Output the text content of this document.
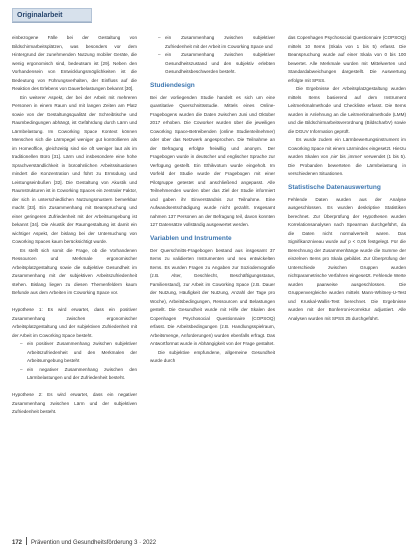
Originalarbeit

einbezogene Fälle bei der Gestaltung von Bildschirmarbeitsplätzen, was besonders vor dem Hintergrund der zunehmenden Nutzung mobiler Geräte, die wenig ergonomisch sind, bedeutsam ist [29]. Neben den Vorhandensein von Entwicklungsmöglichkeiten ist die Bedeutung von Führungsverhalten, der Einfluss auf die Reaktion des Erlebens von Dauerbelastungen bekannt [30].

Ein weiterer Aspekt, der bei der Arbeit mit mehreren Personen in einem Raum und mit langen Zeiten am Platz sowie von der Gestaltungsqualität der Schreibtische und Raumbedingungen abhängt, ist Gefährdung durch Lärm und Lärmbelastung. Im Coworking Space Kontext können Menschen sich die Lärmpegel weniger gut kontrollieren als im Homeoffice, gleichzeitig sind sie oft weniger laut als im traditionellen Büro [31]. Lärm und insbesondere eine hohe Sprachverständlichkeit in büroähnlichen Arbeitssituationen mindert die Konzentration und führt zu Ermüdung und Leistungseinbußen [32]. Die Gestaltung von Akustik und Raumstrukturen ist in Coworking Spaces ein zentraler Faktor, der sich in unterschiedlichen Nutzungsmustern bemerkbar macht [33]. Ein Zusammenhang mit Beanspruchung und einer geringeren Zufriedenheit mit der Arbeitsumgebung ist bekannt [34]. Die Akustik der Raumgestaltung ist damit ein wichtiger Aspekt, der bislang bei der Untersuchung von Coworking Spaces kaum berücksichtigt wurde.

Es stellt sich somit die Frage, ob die Vorhandenen Ressourcen und Merkmale ergonomischer Arbeitsplatzgestaltung sowie die subjektive Gesundheit im Zusammenhang mit der subjektiven Arbeitszufriedenheit stehen. Bislang liegen zu diesen Themenfeldern kaum Befunde aus dem Arbeiten im Coworking Space vor.

Hypothese 1: Es wird erwartet, dass ein positiver Zusammenhang zwischen ergonomischer Arbeitsplatzgestaltung und der subjektiven Zufriedenheit mit der Arbeit im Coworking Space besteht.

– ein positiver Zusammenhang zwischen subjektiver Arbeitszufriedenheit und den Merkmalen der Arbeitsumgebung besteht
– ein negativer Zusammenhang zwischen den Lärmbelastungen und der Zufriedenheit besteht.

Hypothese 2: Es wird erwartet, dass ein negativer Zusammenhang zwischen Lärm und der subjektiven Zufriedenheit besteht.

– ein Zusammenhang zwischen subjektiver Zufriedenheit mit der Arbeit im Coworking Space und
– ein Zusammenhang zwischen subjektiver Gesundheitszustand und den subjektiv erlebten Gesundheitsbeschwerden besteht.
Studiendesign

Bei der vorliegenden Studie handelt es sich um eine quantitative Querschnittsstudie. Mittels eines Online-Fragebogens wurden die Daten zwischen Juni und Oktober 2017 erhoben. Die Coworker wurden über die jeweiligen Coworking Space-Betreibenden (online Studienteilnehmer) oder über das Netzwerk angesprochen. Die Teilnahme an der Befragung erfolgte freiwillig und anonym. Der Fragebogen wurde in deutscher und englischer Sprache zur Verfügung gestellt. Ein Ethikvotum wurde eingeholt. Im Vorfeld der Studie wurde der Fragebogen mit einer Pilotgruppe getestet und anschließend angepasst. Alle Teilnehmenden wurden über das Ziel der Studie informiert und gaben ihr Einverständnis zur Teilnahme. Eine Aufwandsentschädigung wurde nicht gezahlt. Insgesamt nahmen 137 Personen an der Befragung teil, davon konnten 127 Datensätze vollständig ausgewertet werden.

Variablen und Instrumente

Der Querschnitts-Fragebogen bestand aus insgesamt 37 Items zu validierten Instrumenten und neu entwickelten Items. Es wurden Fragen zu Angaben zur Soziodemografie (z.B. Alter, Geschlecht, Beschäftigungsstatus, Familienstand), zur Arbeit im Coworking Space (z.B. Dauer der Nutzung, Häufigkeit der Nutzung, Anzahl der Tage pro Woche), Arbeitsbedingungen, Ressourcen und Belastungen gestellt. Die Gesundheit wurde mit Hilfe der Skalen des Copenhagen Psychosocial Questionnaire (COPSOQ) erfasst. Die Arbeitsbedingungen (z.B. Handlungsspielraum, Arbeitsmenge, Anforderungen) wurden ebenfalls erfragt. Das Antwortformat wurde in Abhängigkeit von der Frage gestaltet.

Die subjektive empfundene, allgemeine Gesundheit wurde durch

das Copenhagen Psychosocial Questionnaire (COPSOQ) mittels 10 Items (Skala von 1 bis 5) erfasst. Die Beanspruchung wurde auf einer Skala von 0 bis 100 bewertet. Alle Merkmale wurden mit Mittelwerten und Standardabweichungen dargestellt. Die Auswertung erfolgte mit SPSS.

Die Ergebnisse der Arbeitsplatzgestaltung wurden mittels Items basierend auf dem Instrument Leitmerkmalmethode und Checkliste erfasst. Die Items wurden in Anlehnung an die Leitmerkmalmethode (LMM) und die Bildschirmarbeitsverordnung (BildscharbV) sowie die DGUV Information geprüft.

Es wurde zudem ein Lärmbewertungsinstrument im Coworking Space mit einem Lärmindex eingesetzt. Hierzu wurden Skalen von ‚nie' bis ‚immer' verwendet (1 bis 5). Die Probanden bewerteten die Lärmbelastung in verschiedenen Situationen.

Statistische Datenauswertung

Fehlende Daten wurden aus der Analyse ausgeschlossen. Es wurden deskriptive Statistiken berechnet. Zur Überprüfung der Hypothesen wurden Korrelationsanalysen nach Spearman durchgeführt, da die Daten nicht normalverteilt waren. Das Signifikanzniveau wurde auf p < 0,05 festgelegt. Für die Berechnung der Zusammenhänge wurde die Summe der einzelnen Items pro Skala gebildet. Zur Überprüfung der Unterschiede zwischen Gruppen wurden nichtparametrische Verfahren eingesetzt. Fehlende Werte wurden paarweise ausgeschlossen. Die Gruppenvergleiche wurden mittels Mann-Whitney-U-Test und Kruskal-Wallis-Test berechnet. Die Ergebnisse wurden mit der Bonferroni-Korrektur adjustiert. Alle Analysen wurden mit SPSS 25 durchgeführt.

172 Prävention und Gesundheitsförderung 3 · 2022
